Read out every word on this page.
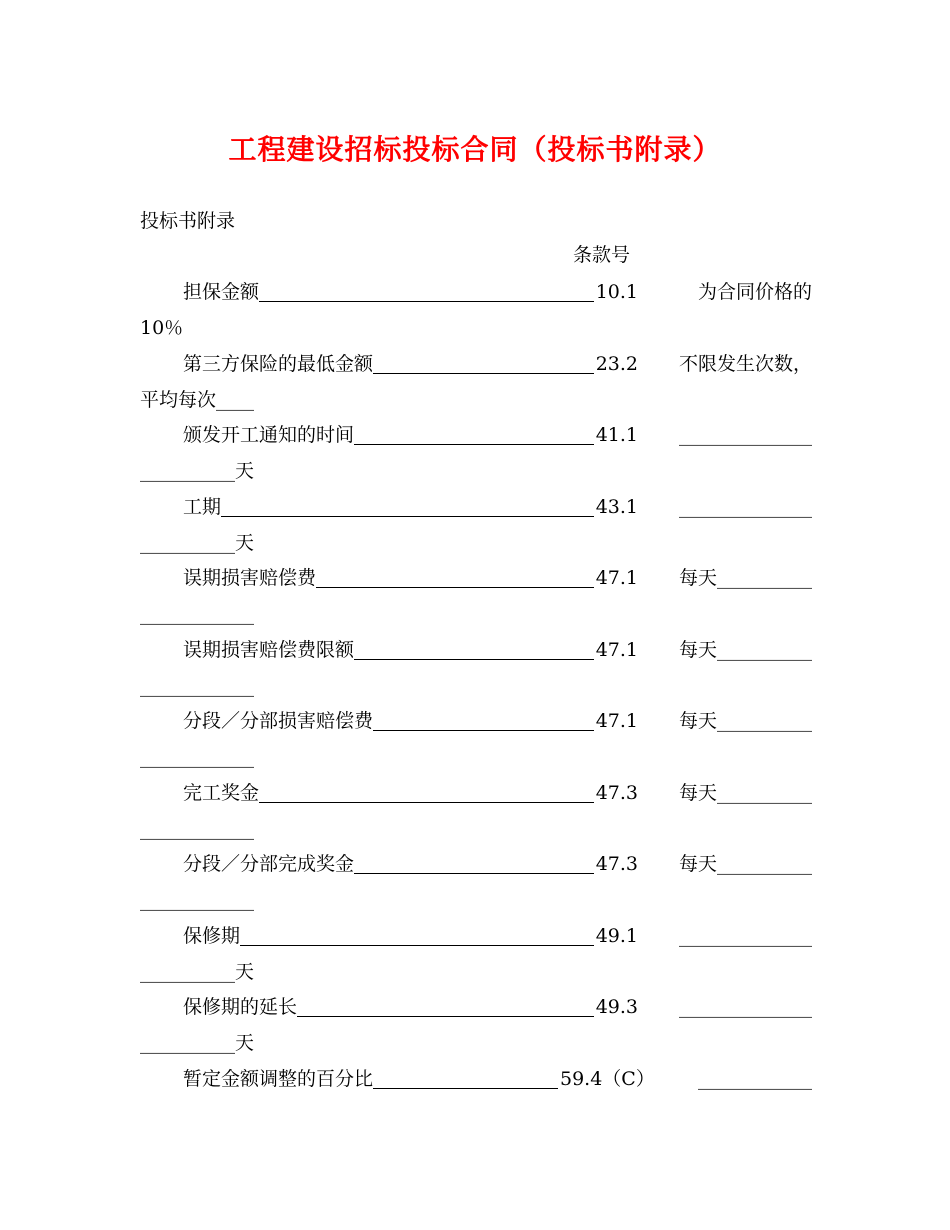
工程建设招标投标合同（投标书附录）
投标书附录
条款号
担保金额	10.1	为合同价格的
10％
第三方保险的最低金额	23.2 不限发生次数，
平均每次____
颁发开工通知的时间	41.1 ______________
__________天
工期	43.1 ______________
__________天
误期损害赔偿费	47.1 每天__________
____________
误期损害赔偿费限额	47.1 每天__________
____________
分段／分部损害赔偿费	47.1 每天__________
____________
完工奖金	47.3 每天__________
____________
分段／分部完成奖金	47.3 每天__________
____________
保修期	49.1 ______________
__________天
保修期的延长	49.3 ______________
__________天
暂定金额调整的百分比	59.4（C） ____________
